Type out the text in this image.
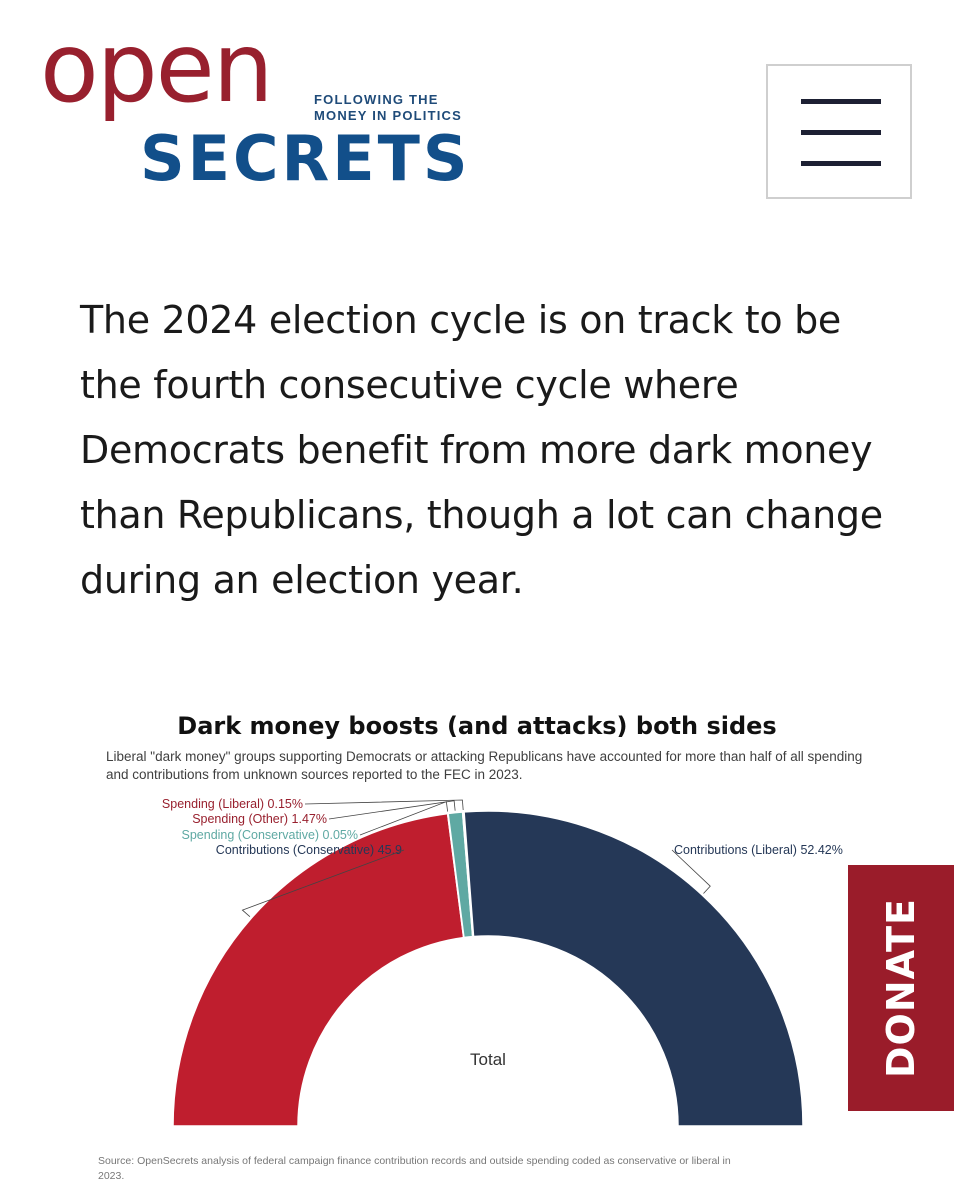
open	FOLLOWING THE
MONEY IN POLITICS
SECRETS
The 2024 election cycle is on track to be the fourth consecutive cycle where Democrats benefit from more dark money than Republicans, though a lot can change during an election year.
Dark money boosts (and attacks) both sides
Liberal "dark money" groups supporting Democrats or attacking Republicans have accounted for more than half of all spending and contributions from unknown sources reported to the FEC in 2023.
Spending (Liberal) 0.15%
Spending (Other) 1.47%
Spending (Conservative) 0.05%
Contributions (Conservative) 45.9	Contributions (Liberal) 52.42%
Total
Source: OpenSecrets analysis of federal campaign finance contribution records and outside spending coded as conservative or liberal in 2023.
DONATE
